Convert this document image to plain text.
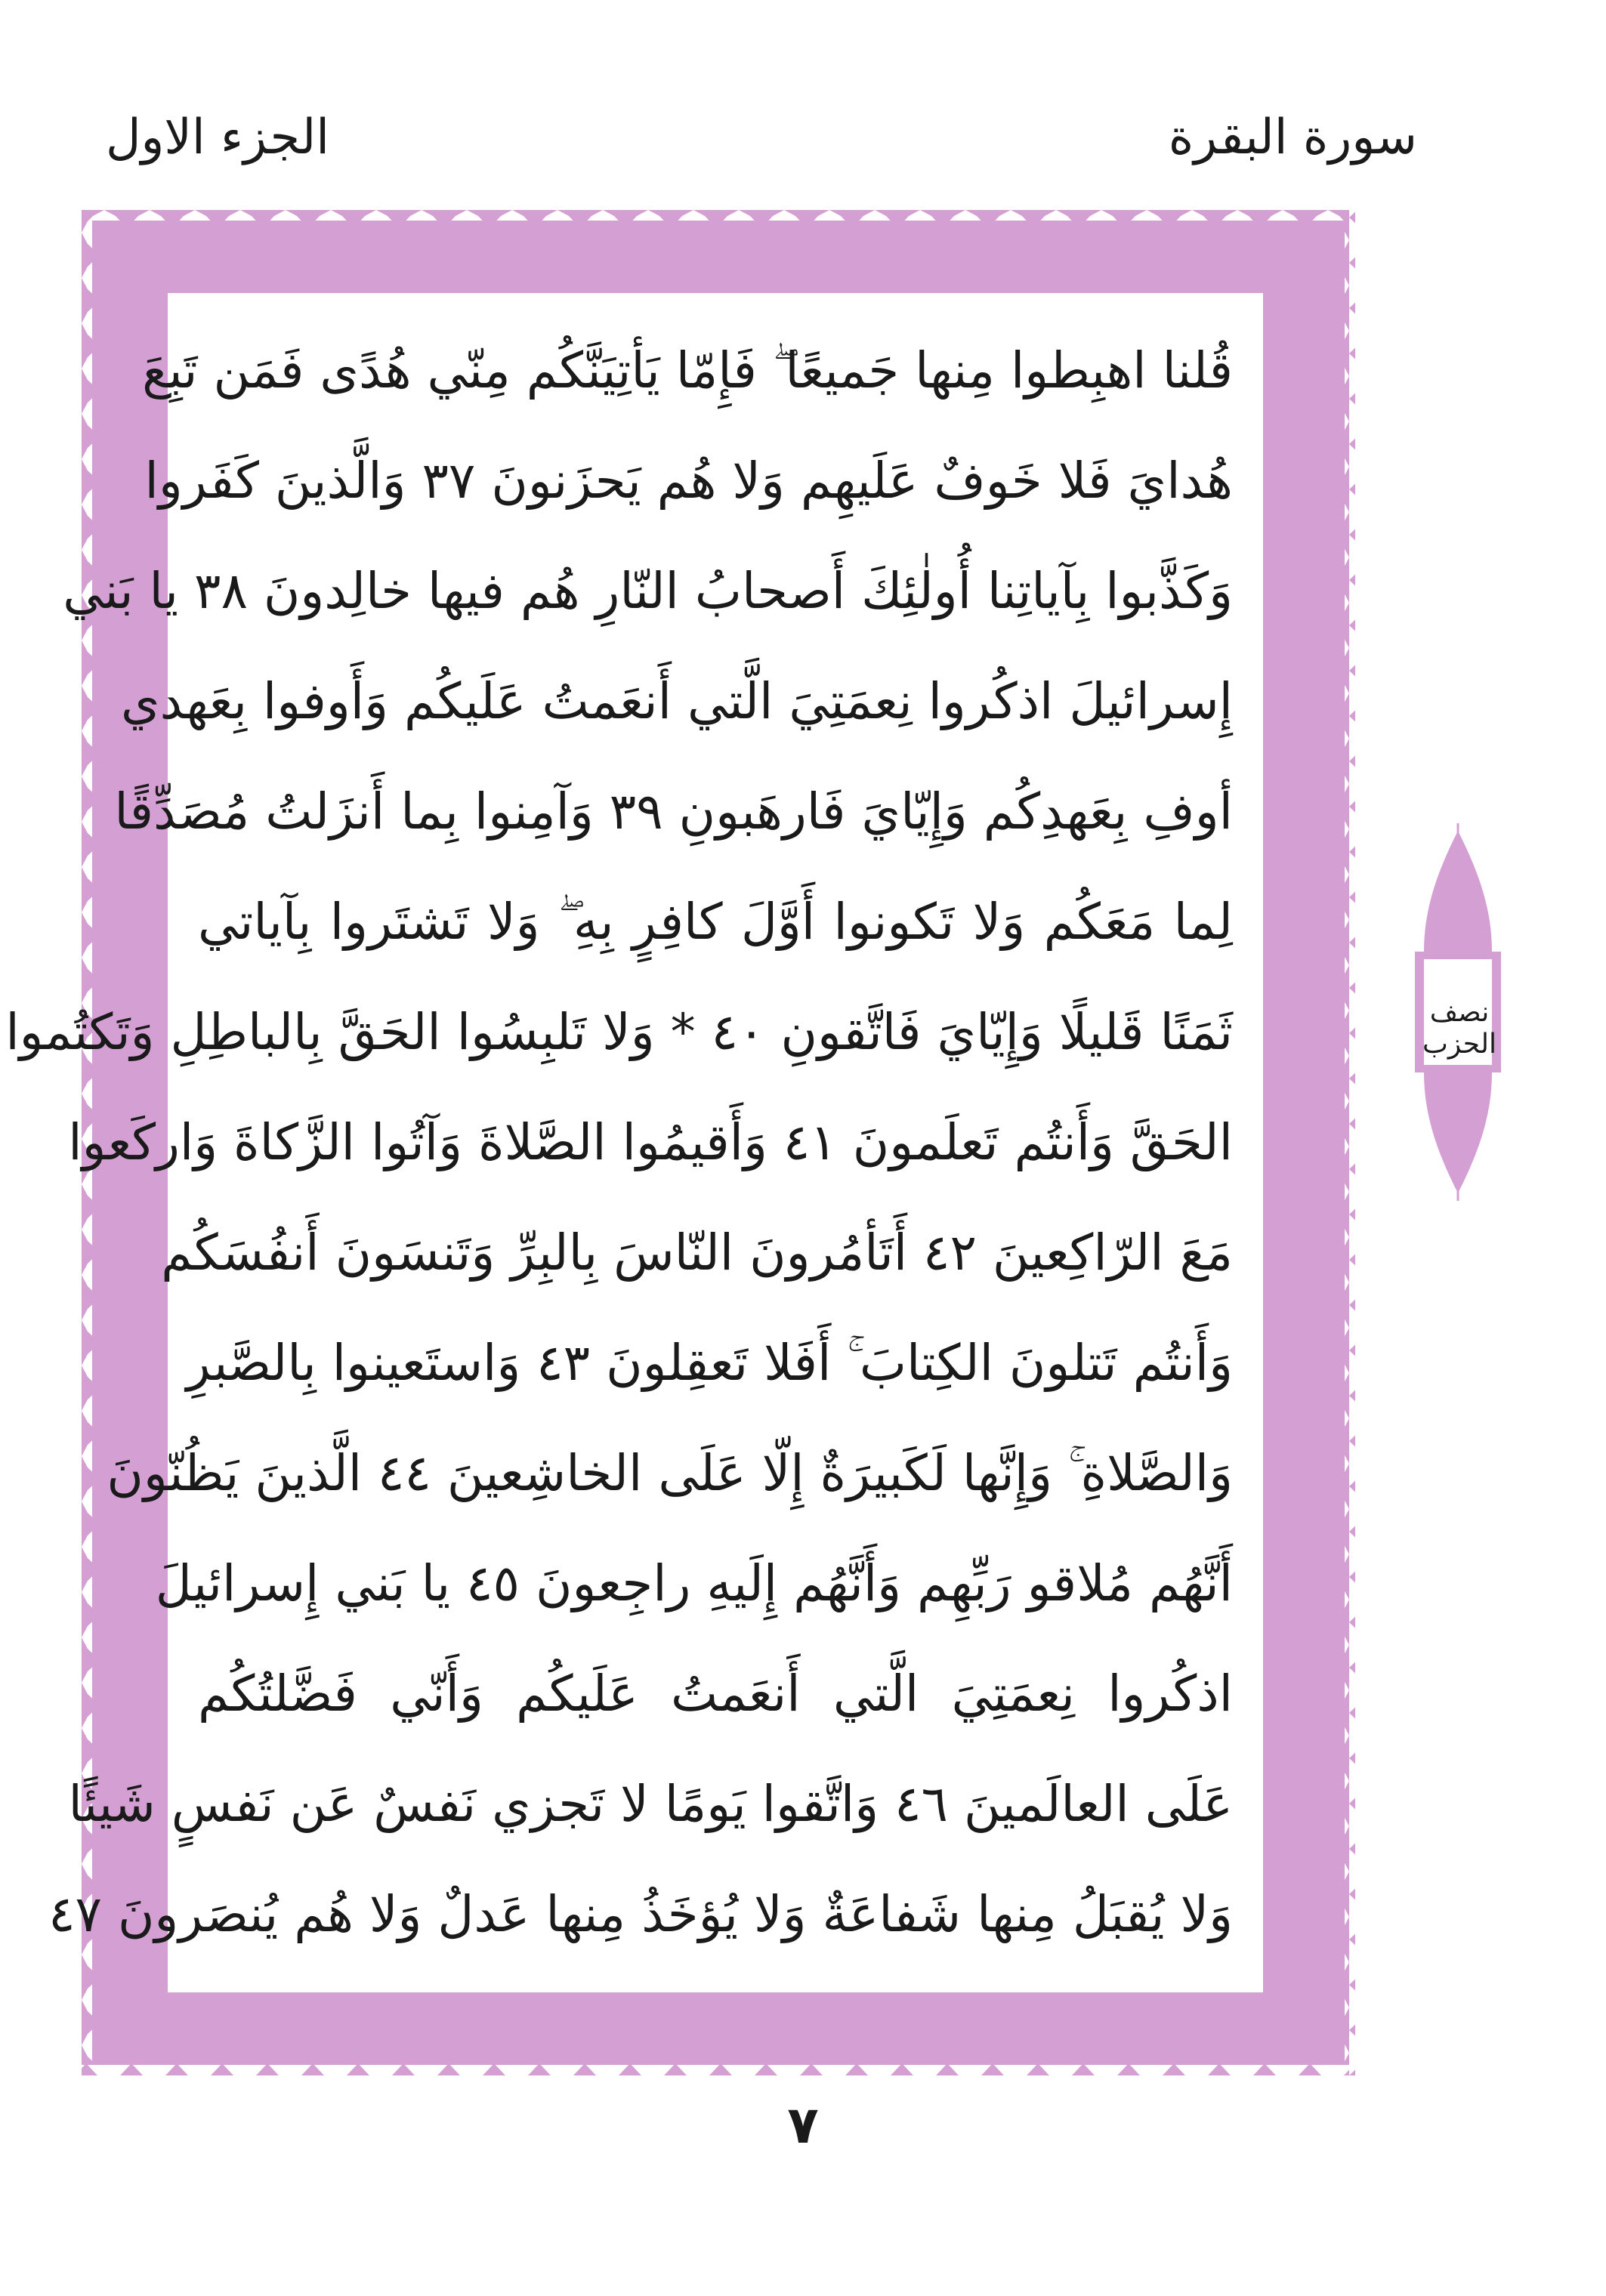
سورة البقرة
الجزء الاول
قُلنا اهبِطوا مِنها جَميعًا ۖ فَإِمّا يَأتِيَنَّكُم مِنّي هُدًى فَمَن تَبِعَ
هُدايَ فَلا خَوفٌ عَلَيهِم وَلا هُم يَحزَنونَ ٣٧ وَالَّذينَ كَفَروا
وَكَذَّبوا بِآياتِنا أُولٰئِكَ أَصحابُ النّارِ هُم فيها خالِدونَ ٣٨ يا بَني
إِسرائيلَ اذكُروا نِعمَتِيَ الَّتي أَنعَمتُ عَلَيكُم وَأَوفوا بِعَهدي
أوفِ بِعَهدِكُم وَإِيّايَ فَارهَبونِ ٣٩ وَآمِنوا بِما أَنزَلتُ مُصَدِّقًا
لِما مَعَكُم وَلا تَكونوا أَوَّلَ كافِرٍ بِهِ ۖ وَلا تَشتَروا بِآياتي
ثَمَنًا قَليلًا وَإِيّايَ فَاتَّقونِ ٤٠ * وَلا تَلبِسُوا الحَقَّ بِالباطِلِ وَتَكتُموا
الحَقَّ وَأَنتُم تَعلَمونَ ٤١ وَأَقيمُوا الصَّلاةَ وَآتُوا الزَّكاةَ وَاركَعوا
مَعَ الرّاكِعينَ ٤٢ أَتَأمُرونَ النّاسَ بِالبِرِّ وَتَنسَونَ أَنفُسَكُم
وَأَنتُم تَتلونَ الكِتابَ ۚ أَفَلا تَعقِلونَ ٤٣ وَاستَعينوا بِالصَّبرِ
وَالصَّلاةِ ۚ وَإِنَّها لَكَبيرَةٌ إِلّا عَلَى الخاشِعينَ ٤٤ الَّذينَ يَظُنّونَ
أَنَّهُم مُلاقو رَبِّهِم وَأَنَّهُم إِلَيهِ راجِعونَ ٤٥ يا بَني إِسرائيلَ
اذكُروا نِعمَتِيَ الَّتي أَنعَمتُ عَلَيكُم وَأَنّي فَضَّلتُكُم
عَلَى العالَمينَ ٤٦ وَاتَّقوا يَومًا لا تَجزي نَفسٌ عَن نَفسٍ شَيئًا
وَلا يُقبَلُ مِنها شَفاعَةٌ وَلا يُؤخَذُ مِنها عَدلٌ وَلا هُم يُنصَرونَ ٤٧
نصف
الحزب
٧
